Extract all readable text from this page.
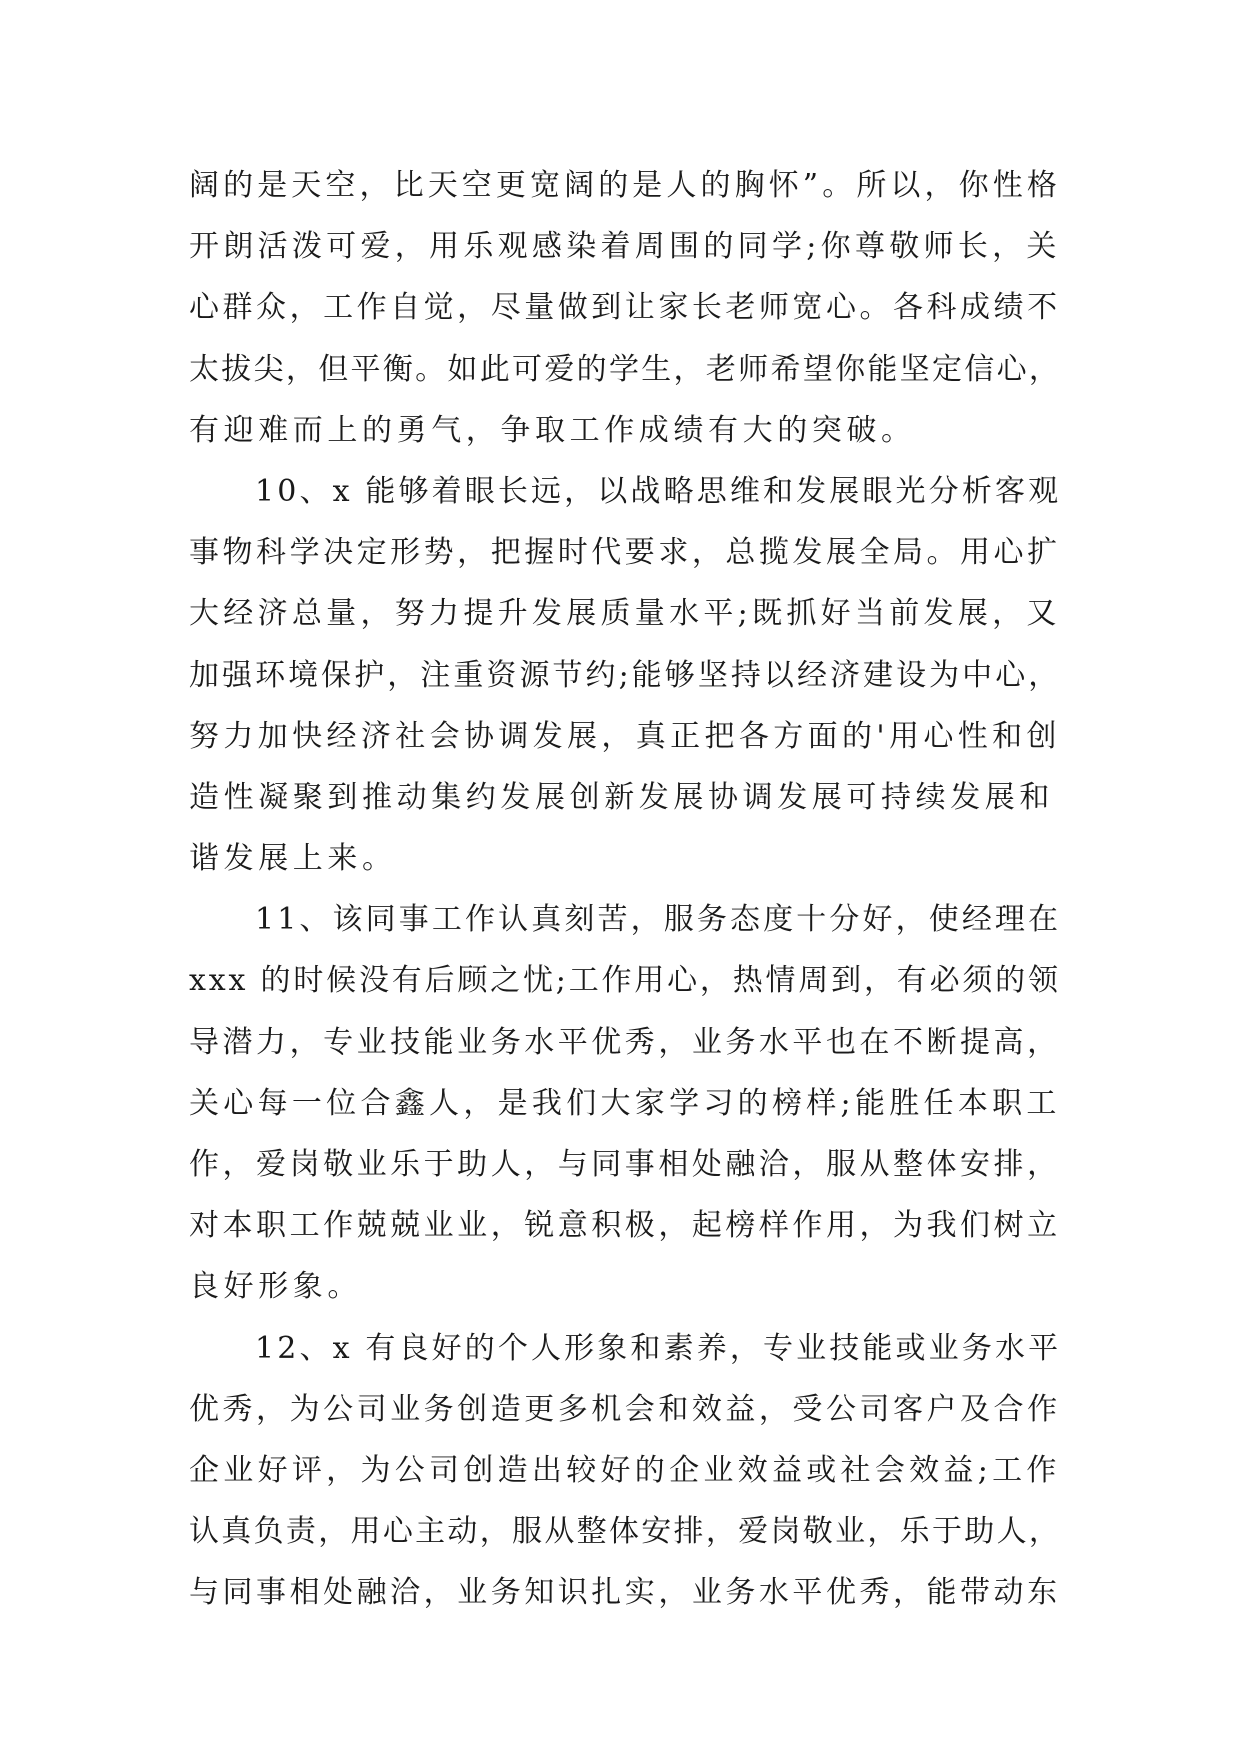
阔的是天空，比天空更宽阔的是人的胸怀”。所以，你性格
开朗活泼可爱，用乐观感染着周围的同学;你尊敬师长，关
心群众，工作自觉，尽量做到让家长老师宽心。各科成绩不
太拔尖，但平衡。如此可爱的学生，老师希望你能坚定信心，
有迎难而上的勇气，争取工作成绩有大的突破。
10、x 能够着眼长远，以战略思维和发展眼光分析客观
事物科学决定形势，把握时代要求，总揽发展全局。用心扩
大经济总量，努力提升发展质量水平;既抓好当前发展，又
加强环境保护，注重资源节约;能够坚持以经济建设为中心，
努力加快经济社会协调发展，真正把各方面的'用心性和创
造性凝聚到推动集约发展创新发展协调发展可持续发展和
谐发展上来。
11、该同事工作认真刻苦，服务态度十分好，使经理在
xxx 的时候没有后顾之忧;工作用心，热情周到，有必须的领
导潜力，专业技能业务水平优秀，业务水平也在不断提高，
关心每一位合鑫人，是我们大家学习的榜样;能胜任本职工
作，爱岗敬业乐于助人，与同事相处融洽，服从整体安排，
对本职工作兢兢业业，锐意积极，起榜样作用，为我们树立
良好形象。
12、x 有良好的个人形象和素养，专业技能或业务水平
优秀，为公司业务创造更多机会和效益，受公司客户及合作
企业好评，为公司创造出较好的企业效益或社会效益;工作
认真负责，用心主动，服从整体安排，爱岗敬业，乐于助人，
与同事相处融洽，业务知识扎实，业务水平优秀，能带动东
